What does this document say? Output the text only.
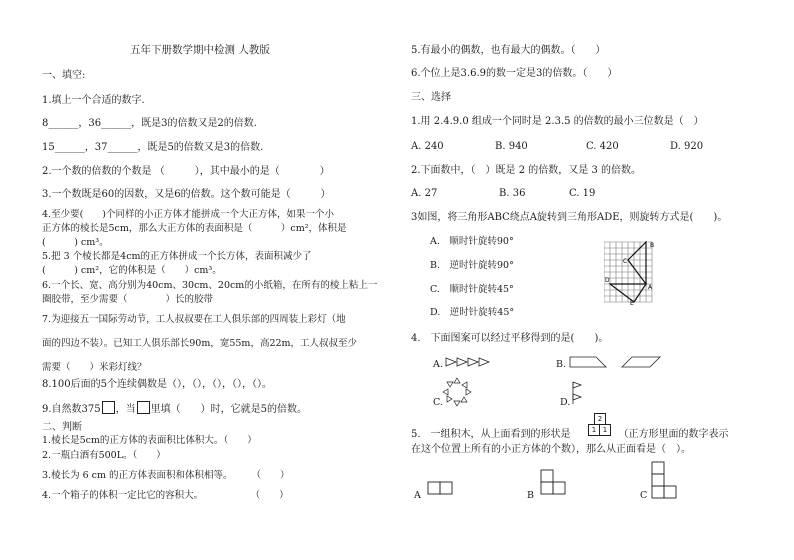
五年下册数学期中检测 人教版
一、填空:
1.填上一个合适的数字.
8______，36______，既是3的倍数又是2的倍数.
15______，37______，既是5的倍数又是3的倍数.
2.一个数的倍数的个数是 （　　　），其中最小的是（　　　　）
3.一个数既是60的因数，又是6的倍数。这个数可能是（　　　）
4.至少要(　　)个同样的小正方体才能拼成一个大正方体，如果一个小
正方体的棱长是5cm，那么大正方体的表面积是（　　　）cm²，体积是
(　　　) cm³。
5.把 3 个棱长都是4cm的正方体拼成一个长方体，表面积减少了
(　　　) cm²，它的体积是（　　）cm³。
6.一个长、宽、高分别为40cm、30cm、20cm的小纸箱，在所有的棱上粘上一
圈胶带，至少需要（　　　　）长的胶带
7.为迎接五一国际劳动节，工人叔叔要在工人俱乐部的四周装上彩灯（地
面的四边不装）。已知工人俱乐部长90m，宽55m，高22m，工人叔叔至少
需要（　　）米彩灯线？
8.100后面的5个连续偶数是（），（），（），（），（）。
9.自然数375 ，当 里填（　　）时，它就是5的倍数。
二、判断
1.棱长是5cm的正方体的表面积比体积大。（　　）
2.一瓶白酒有500L。（　　）
3.棱长为 6 cm 的正方体表面积和体积相等。　　　（　　）
4.一个箱子的体积一定比它的容积大。　　　　　　（　　）
5.有最小的偶数，也有最大的偶数。（　　）
6.个位上是3.6.9的数一定是3的倍数。（　　）
三、选择
1.用 2.4.9.0 组成一个同时是 2.3.5 的倍数的最小三位数是（　）
A. 240	B. 940	C. 420	D. 920
2.下面数中，（　）既是 2 的倍数，又是 3 的倍数。
A. 27	B. 36	C. 19
3如图，将三角形ABC绕点A旋转到三角形ADE，则旋转方式是(　　)。
A.　顺时针旋转90°
B.　逆时针旋转90°
C.　顺时针旋转45°
D.　逆时针旋转45°
B
C
D
A
E
4.　下面图案可以经过平移得到的是(　　)。
A.	B.
C.	D.
5.　一组积木，从上面看到的形状是	（正方形里面的数字表示
2
1 1
在这个位置上所有的小正方体的个数），那么从正面看是（　）。
A	B	C
